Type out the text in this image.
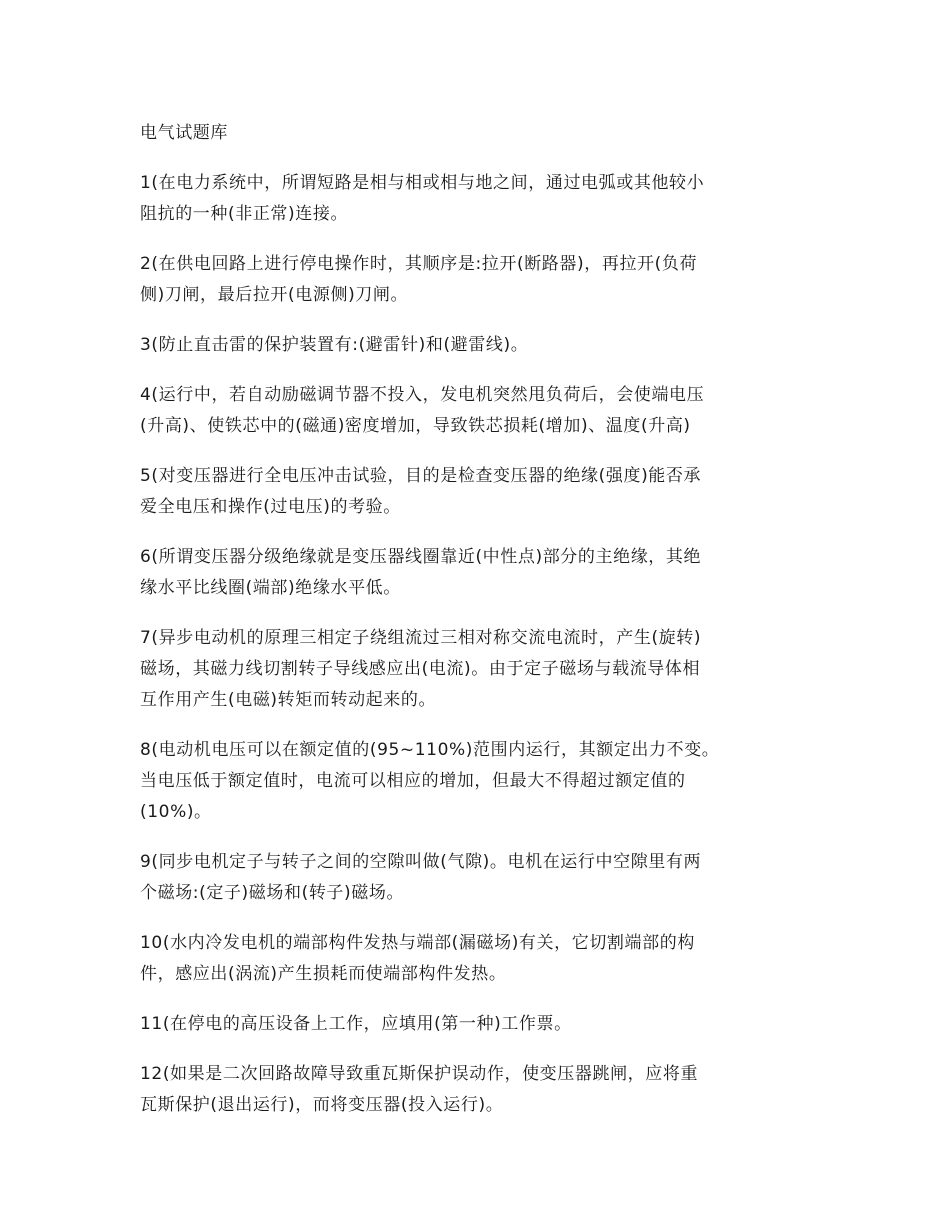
电气试题库
1(在电力系统中，所谓短路是相与相或相与地之间，通过电弧或其他较小
阻抗的一种(非正常)连接。
2(在供电回路上进行停电操作时，其顺序是:拉开(断路器)，再拉开(负荷
侧)刀闸，最后拉开(电源侧)刀闸。
3(防止直击雷的保护装置有:(避雷针)和(避雷线)。
4(运行中，若自动励磁调节器不投入，发电机突然甩负荷后，会使端电压
(升高)、使铁芯中的(磁通)密度增加，导致铁芯损耗(增加)、温度(升高)
5(对变压器进行全电压冲击试验，目的是检查变压器的绝缘(强度)能否承
爱全电压和操作(过电压)的考验。
6(所谓变压器分级绝缘就是变压器线圈靠近(中性点)部分的主绝缘，其绝
缘水平比线圈(端部)绝缘水平低。
7(异步电动机的原理三相定子绕组流过三相对称交流电流时，产生(旋转)
磁场，其磁力线切割转子导线感应出(电流)。由于定子磁场与载流导体相
互作用产生(电磁)转矩而转动起来的。
8(电动机电压可以在额定值的(95~110%)范围内运行，其额定出力不变。
当电压低于额定值时，电流可以相应的增加，但最大不得超过额定值的
(10%)。
9(同步电机定子与转子之间的空隙叫做(气隙)。电机在运行中空隙里有两
个磁场:(定子)磁场和(转子)磁场。
10(水内冷发电机的端部构件发热与端部(漏磁场)有关，它切割端部的构
件，感应出(涡流)产生损耗而使端部构件发热。
11(在停电的高压设备上工作，应填用(第一种)工作票。
12(如果是二次回路故障导致重瓦斯保护误动作，使变压器跳闸，应将重
瓦斯保护(退出运行)，而将变压器(投入运行)。
